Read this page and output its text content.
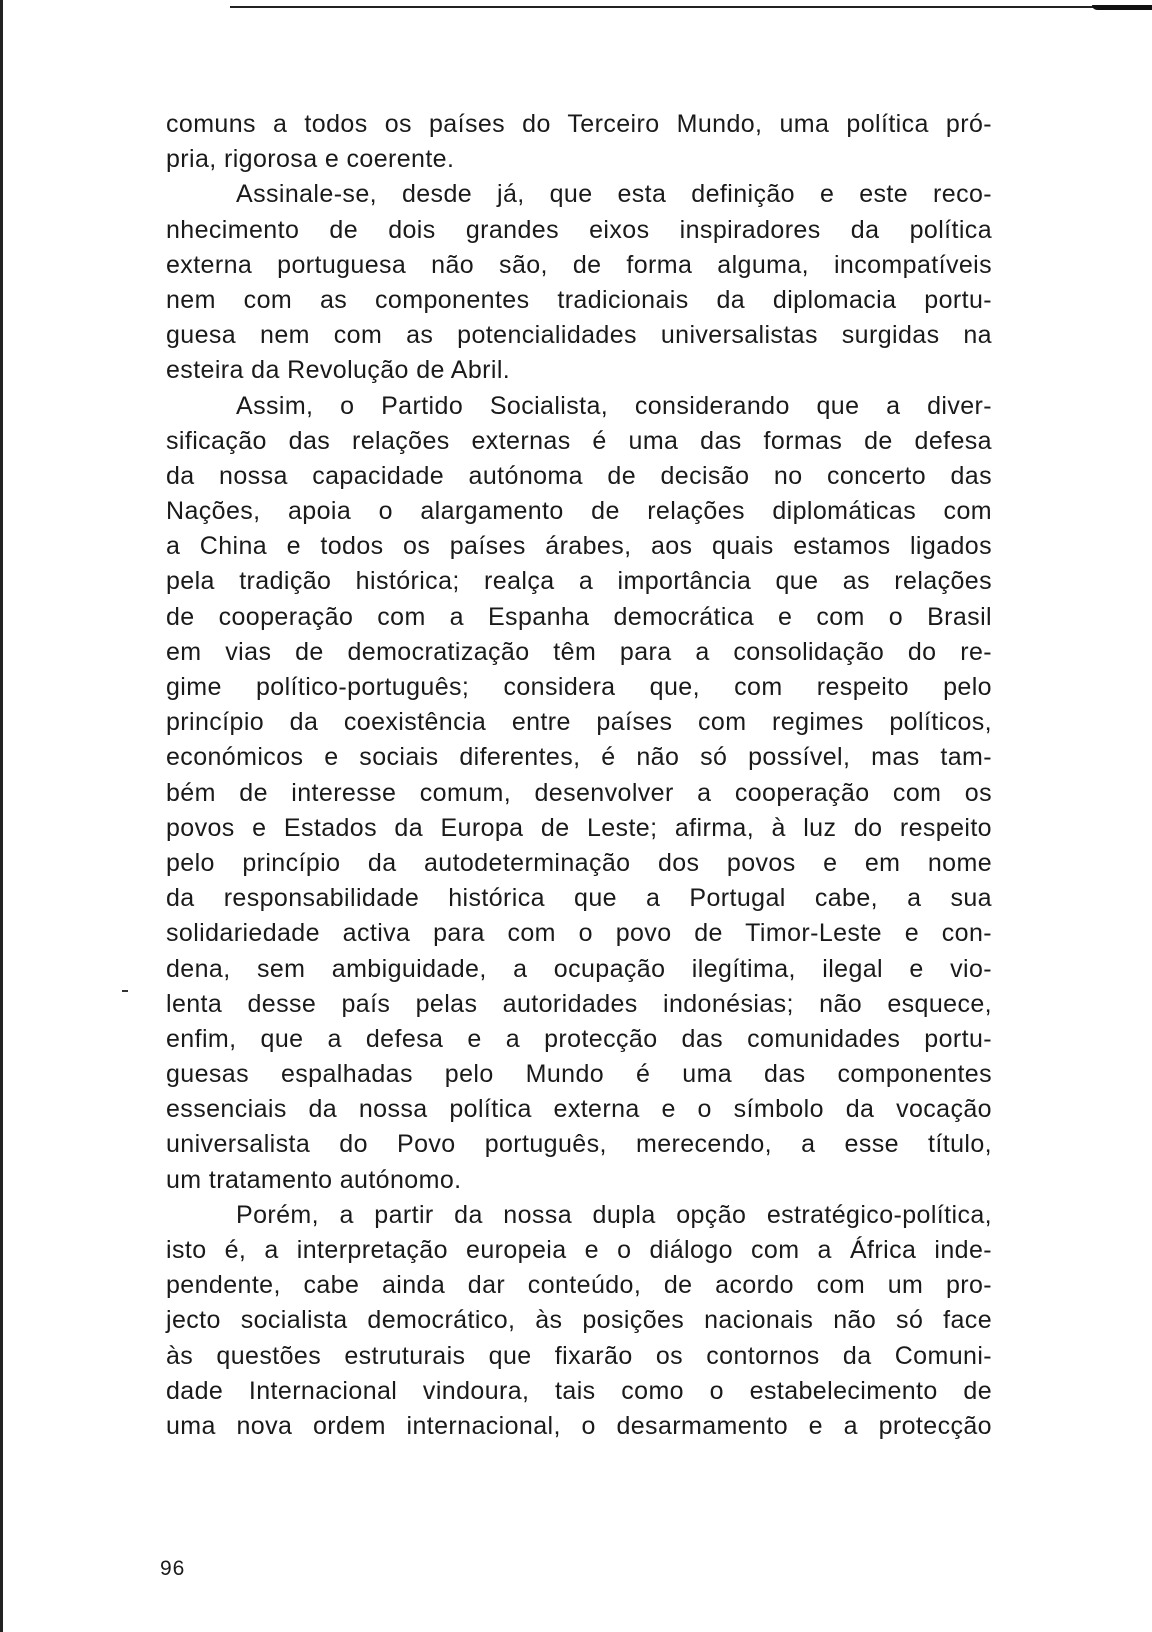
comuns a todos os países do Terceiro Mundo, uma política pró-
pria, rigorosa e coerente.
Assinale-se, desde já, que esta definição e este reco-
nhecimento de dois grandes eixos inspiradores da política
externa portuguesa não são, de forma alguma, incompatíveis
nem com as componentes tradicionais da diplomacia portu-
guesa nem com as potencialidades universalistas surgidas na
esteira da Revolução de Abril.
Assim, o Partido Socialista, considerando que a diver-
sificação das relações externas é uma das formas de defesa
da nossa capacidade autónoma de decisão no concerto das
Nações, apoia o alargamento de relações diplomáticas com
a China e todos os países árabes, aos quais estamos ligados
pela tradição histórica; realça a importância que as relações
de cooperação com a Espanha democrática e com o Brasil
em vias de democratização têm para a consolidação do re-
gime político-português; considera que, com respeito pelo
princípio da coexistência entre países com regimes políticos,
económicos e sociais diferentes, é não só possível, mas tam-
bém de interesse comum, desenvolver a cooperação com os
povos e Estados da Europa de Leste; afirma, à luz do respeito
pelo princípio da autodeterminação dos povos e em nome
da responsabilidade histórica que a Portugal cabe, a sua
solidariedade activa para com o povo de Timor-Leste e con-
dena, sem ambiguidade, a ocupação ilegítima, ilegal e vio-
lenta desse país pelas autoridades indonésias; não esquece,
enfim, que a defesa e a protecção das comunidades portu-
guesas espalhadas pelo Mundo é uma das componentes
essenciais da nossa política externa e o símbolo da vocação
universalista do Povo português, merecendo, a esse título,
um tratamento autónomo.
Porém, a partir da nossa dupla opção estratégico-política,
isto é, a interpretação europeia e o diálogo com a África inde-
pendente, cabe ainda dar conteúdo, de acordo com um pro-
jecto socialista democrático, às posições nacionais não só face
às questões estruturais que fixarão os contornos da Comuni-
dade Internacional vindoura, tais como o estabelecimento de
uma nova ordem internacional, o desarmamento e a protecção
96
